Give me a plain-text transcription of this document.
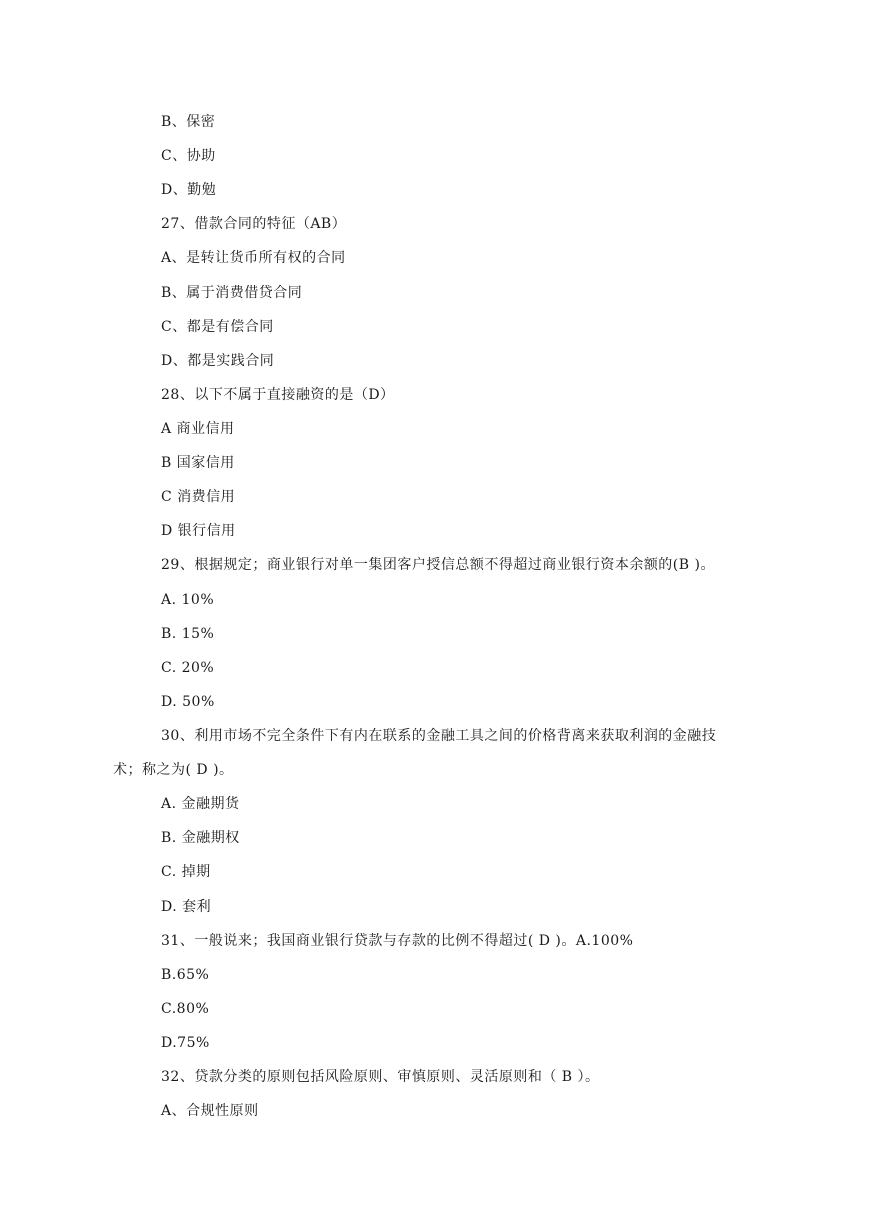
B、保密
C、协助
D、勤勉
27、借款合同的特征（AB）
A、是转让货币所有权的合同
B、属于消费借贷合同
C、都是有偿合同
D、都是实践合同
28、以下不属于直接融资的是（D）
A 商业信用
B 国家信用
C 消费信用
D 银行信用
29、根据规定；商业银行对单一集团客户授信总额不得超过商业银行资本余额的(B )。
A. 10%
B. 15%
C. 20%
D. 50%
30、利用市场不完全条件下有内在联系的金融工具之间的价格背离来获取利润的金融技
术；称之为( D )。
A. 金融期货
B. 金融期权
C. 掉期
D. 套利
31、一般说来；我国商业银行贷款与存款的比例不得超过( D )。A.100%
B.65%
C.80%
D.75%
32、贷款分类的原则包括风险原则、审慎原则、灵活原则和（ B ）。
A、合规性原则
